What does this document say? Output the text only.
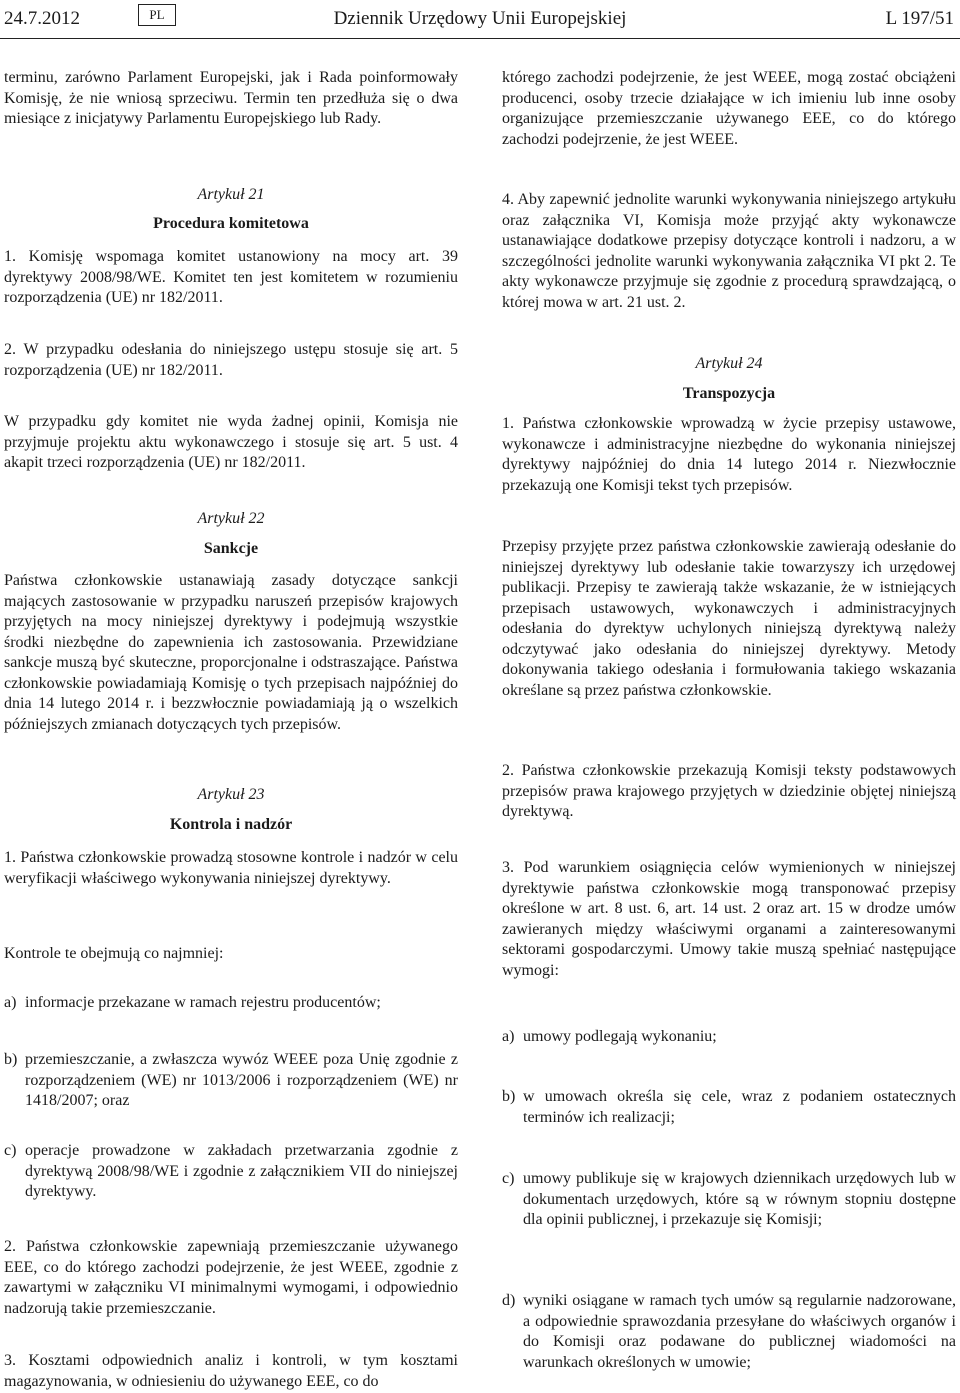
24.7.2012	PL	Dziennik Urzędowy Unii Europejskiej	L 197/51
terminu, zarówno Parlament Europejski, jak i Rada poinformowały Komisję, że nie wniosą sprzeciwu. Termin ten przedłuża się o dwa miesiące z inicjatywy Parlamentu Europejskiego lub Rady.
Artykuł 21
Procedura komitetowa
1. Komisję wspomaga komitet ustanowiony na mocy art. 39 dyrektywy 2008/98/WE. Komitet ten jest komitetem w rozumieniu rozporządzenia (UE) nr 182/2011.
2. W przypadku odesłania do niniejszego ustępu stosuje się art. 5 rozporządzenia (UE) nr 182/2011.
W przypadku gdy komitet nie wyda żadnej opinii, Komisja nie przyjmuje projektu aktu wykonawczego i stosuje się art. 5 ust. 4 akapit trzeci rozporządzenia (UE) nr 182/2011.
Artykuł 22
Sankcje
Państwa członkowskie ustanawiają zasady dotyczące sankcji mających zastosowanie w przypadku naruszeń przepisów krajowych przyjętych na mocy niniejszej dyrektywy i podejmują wszystkie środki niezbędne do zapewnienia ich zastosowania. Przewidziane sankcje muszą być skuteczne, proporcjonalne i odstraszające. Państwa członkowskie powiadamiają Komisję o tych przepisach najpóźniej do dnia 14 lutego 2014 r. i bezzwłocznie powiadamiają ją o wszelkich późniejszych zmianach dotyczących tych przepisów.
Artykuł 23
Kontrola i nadzór
1. Państwa członkowskie prowadzą stosowne kontrole i nadzór w celu weryfikacji właściwego wykonywania niniejszej dyrektywy.
Kontrole te obejmują co najmniej:
a) informacje przekazane w ramach rejestru producentów;
b) przemieszczanie, a zwłaszcza wywóz WEEE poza Unię zgodnie z rozporządzeniem (WE) nr 1013/2006 i rozporządzeniem (WE) nr 1418/2007; oraz
c) operacje prowadzone w zakładach przetwarzania zgodnie z dyrektywą 2008/98/WE i zgodnie z załącznikiem VII do niniejszej dyrektywy.
2. Państwa członkowskie zapewniają przemieszczanie używanego EEE, co do którego zachodzi podejrzenie, że jest WEEE, zgodnie z zawartymi w załączniku VI minimalnymi wymogami, i odpowiednio nadzorują takie przemieszczanie.
3. Kosztami odpowiednich analiz i kontroli, w tym kosztami magazynowania, w odniesieniu do używanego EEE, co do
którego zachodzi podejrzenie, że jest WEEE, mogą zostać obciążeni producenci, osoby trzecie działające w ich imieniu lub inne osoby organizujące przemieszczanie używanego EEE, co do którego zachodzi podejrzenie, że jest WEEE.
4. Aby zapewnić jednolite warunki wykonywania niniejszego artykułu oraz załącznika VI, Komisja może przyjąć akty wykonawcze ustanawiające dodatkowe przepisy dotyczące kontroli i nadzoru, a w szczególności jednolite warunki wykonywania załącznika VI pkt 2. Te akty wykonawcze przyjmuje się zgodnie z procedurą sprawdzającą, o której mowa w art. 21 ust. 2.
Artykuł 24
Transpozycja
1. Państwa członkowskie wprowadzą w życie przepisy ustawowe, wykonawcze i administracyjne niezbędne do wykonania niniejszej dyrektywy najpóźniej do dnia 14 lutego 2014 r. Niezwłocznie przekazują one Komisji tekst tych przepisów.
Przepisy przyjęte przez państwa członkowskie zawierają odesłanie do niniejszej dyrektywy lub odesłanie takie towarzyszy ich urzędowej publikacji. Przepisy te zawierają także wskazanie, że w istniejących przepisach ustawowych, wykonawczych i administracyjnych odesłania do dyrektyw uchylonych niniejszą dyrektywą należy odczytywać jako odesłania do niniejszej dyrektywy. Metody dokonywania takiego odesłania i formułowania takiego wskazania określane są przez państwa członkowskie.
2. Państwa członkowskie przekazują Komisji teksty podstawowych przepisów prawa krajowego przyjętych w dziedzinie objętej niniejszą dyrektywą.
3. Pod warunkiem osiągnięcia celów wymienionych w niniejszej dyrektywie państwa członkowskie mogą transponować przepisy określone w art. 8 ust. 6, art. 14 ust. 2 oraz art. 15 w drodze umów zawieranych między właściwymi organami a zainteresowanymi sektorami gospodarczymi. Umowy takie muszą spełniać następujące wymogi:
a) umowy podlegają wykonaniu;
b) w umowach określa się cele, wraz z podaniem ostatecznych terminów ich realizacji;
c) umowy publikuje się w krajowych dziennikach urzędowych lub w dokumentach urzędowych, które są w równym stopniu dostępne dla opinii publicznej, i przekazuje się Komisji;
d) wyniki osiągane w ramach tych umów są regularnie nadzorowane, a odpowiednie sprawozdania przesyłane do właściwych organów i do Komisji oraz podawane do publicznej wiadomości na warunkach określonych w umowie;
